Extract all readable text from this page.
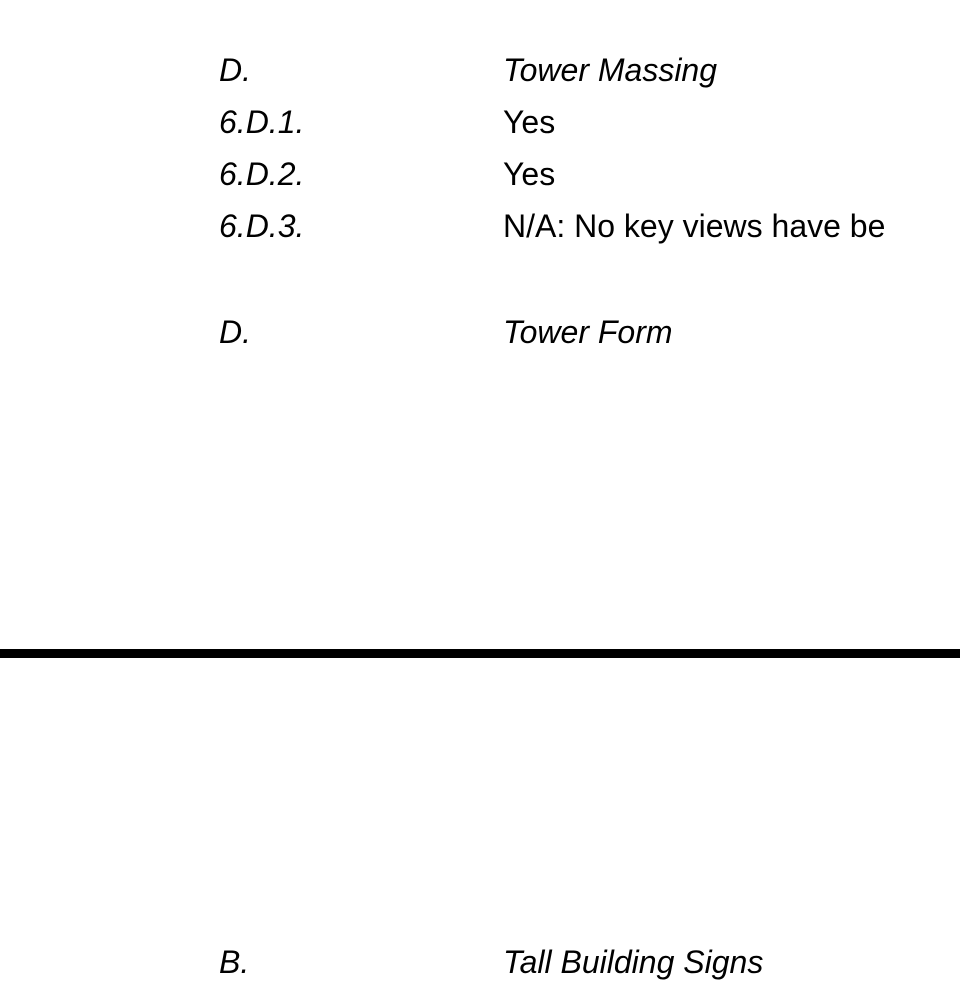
D.	Tower Massing
6.D.1.	Yes
6.D.2.	Yes
6.D.3.	N/A: No key views have be
D.	Tower Form
B.	Tall Building Signs
